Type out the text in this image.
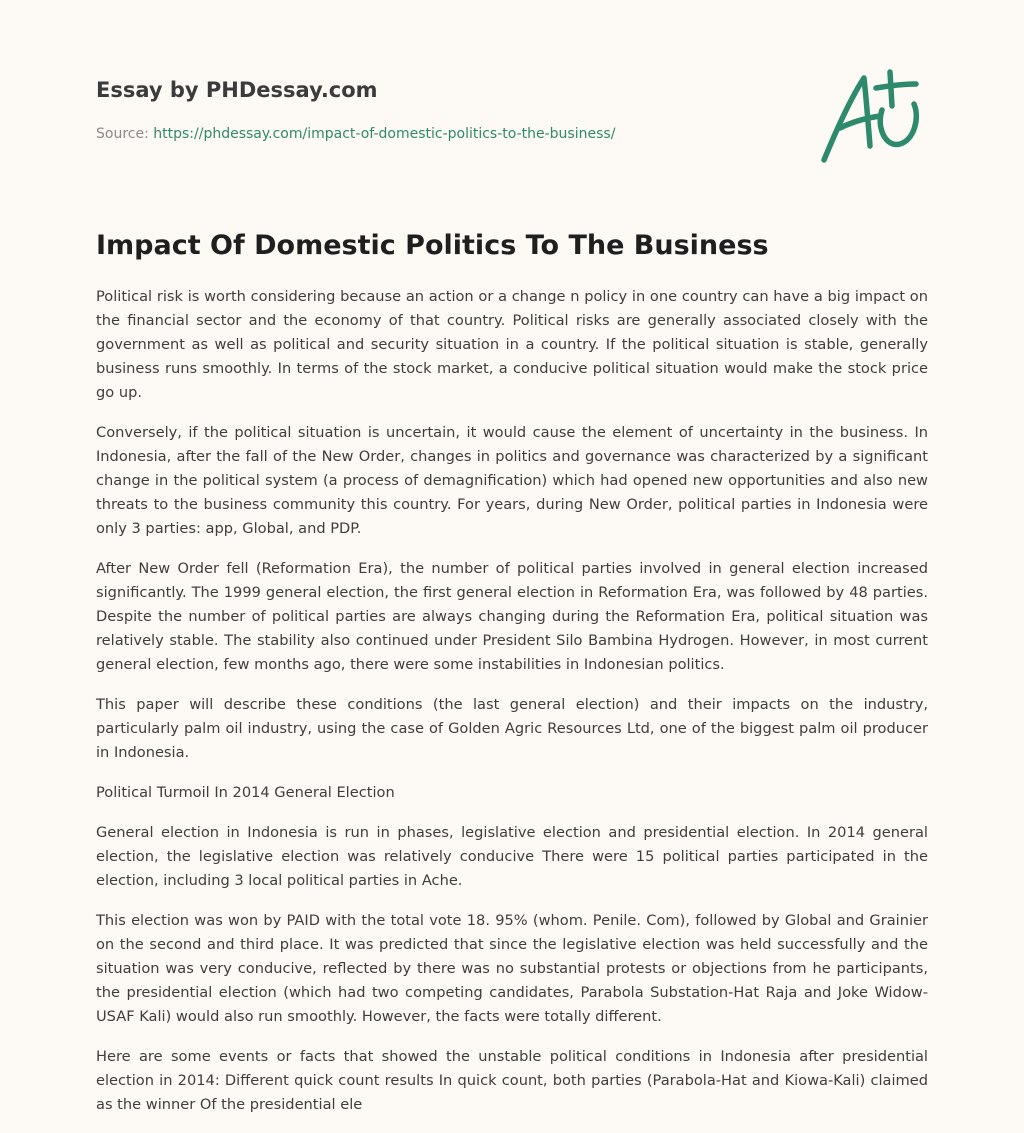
Essay by PHDessay.com
Source: https://phdessay.com/impact-of-domestic-politics-to-the-business/
Impact Of Domestic Politics To The Business

Political risk is worth considering because an action or a change n policy in one country can have a big impact on the financial sector and the economy of that country. Political risks are generally associated closely with the government as well as political and security situation in a country. If the political situation is stable, generally business runs smoothly. In terms of the stock market, a conducive political situation would make the stock price go up.

Conversely, if the political situation is uncertain, it would cause the element of uncertainty in the business. In Indonesia, after the fall of the New Order, changes in politics and governance was characterized by a significant change in the political system (a process of demagnification) which had opened new opportunities and also new threats to the business community this country. For years, during New Order, political parties in Indonesia were only 3 parties: app, Global, and PDP.

After New Order fell (Reformation Era), the number of political parties involved in general election increased significantly. The 1999 general election, the first general election in Reformation Era, was followed by 48 parties. Despite the number of political parties are always changing during the Reformation Era, political situation was relatively stable. The stability also continued under President Silo Bambina Hydrogen. However, in most current general election, few months ago, there were some instabilities in Indonesian politics.

This paper will describe these conditions (the last general election) and their impacts on the industry, particularly palm oil industry, using the case of Golden Agric Resources Ltd, one of the biggest palm oil producer in Indonesia.

Political Turmoil In 2014 General Election

General election in Indonesia is run in phases, legislative election and presidential election. In 2014 general election, the legislative election was relatively conducive There were 15 political parties participated in the election, including 3 local political parties in Ache.

This election was won by PAID with the total vote 18. 95% (whom. Penile. Com), followed by Global and Grainier on the second and third place. It was predicted that since the legislative election was held successfully and the situation was very conducive, reflected by there was no substantial protests or objections from he participants, the presidential election (which had two competing candidates, Parabola Substation-Hat Raja and Joke Widow-USAF Kali) would also run smoothly. However, the facts were totally different.

Here are some events or facts that showed the unstable political conditions in Indonesia after presidential election in 2014: Different quick count results In quick count, both parties (Parabola-Hat and Kiowa-Kali) claimed as the winner Of the presidential ele
